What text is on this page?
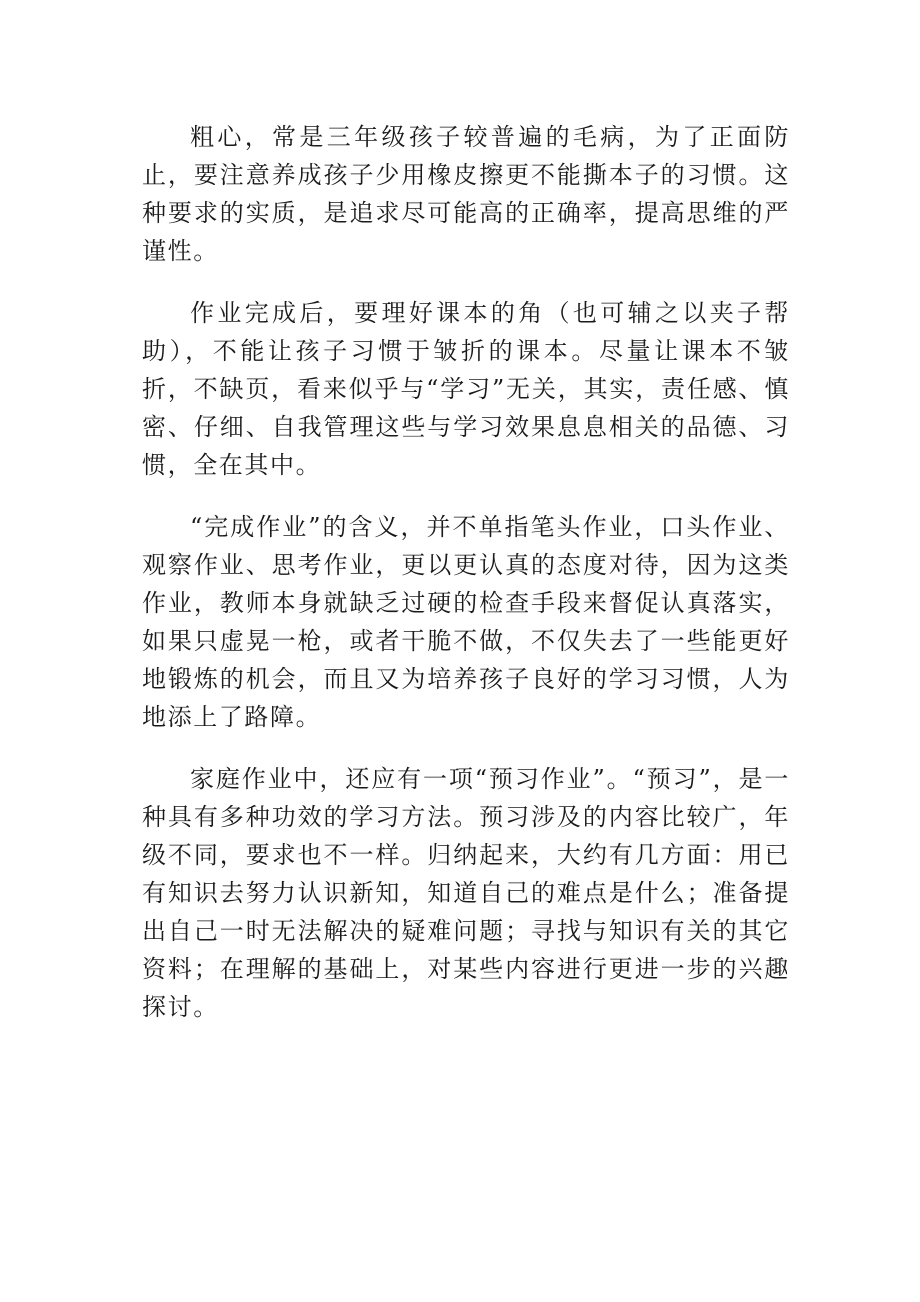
粗心，常是三年级孩子较普遍的毛病，为了正面防止，要注意养成孩子少用橡皮擦更不能撕本子的习惯。这种要求的实质，是追求尽可能高的正确率，提高思维的严谨性。

作业完成后，要理好课本的角（也可辅之以夹子帮助），不能让孩子习惯于皱折的课本。尽量让课本不皱折，不缺页，看来似乎与“学习”无关，其实，责任感、慎密、仔细、自我管理这些与学习效果息息相关的品德、习惯，全在其中。

“完成作业”的含义，并不单指笔头作业，口头作业、观察作业、思考作业，更以更认真的态度对待，因为这类作业，教师本身就缺乏过硬的检查手段来督促认真落实，如果只虚晃一枪，或者干脆不做，不仅失去了一些能更好地锻炼的机会，而且又为培养孩子良好的学习习惯，人为地添上了路障。

家庭作业中，还应有一项“预习作业”。“预习”，是一种具有多种功效的学习方法。预习涉及的内容比较广，年级不同，要求也不一样。归纳起来，大约有几方面：用已有知识去努力认识新知，知道自己的难点是什么；准备提出自己一时无法解决的疑难问题；寻找与知识有关的其它资料；在理解的基础上，对某些内容进行更进一步的兴趣探讨。
